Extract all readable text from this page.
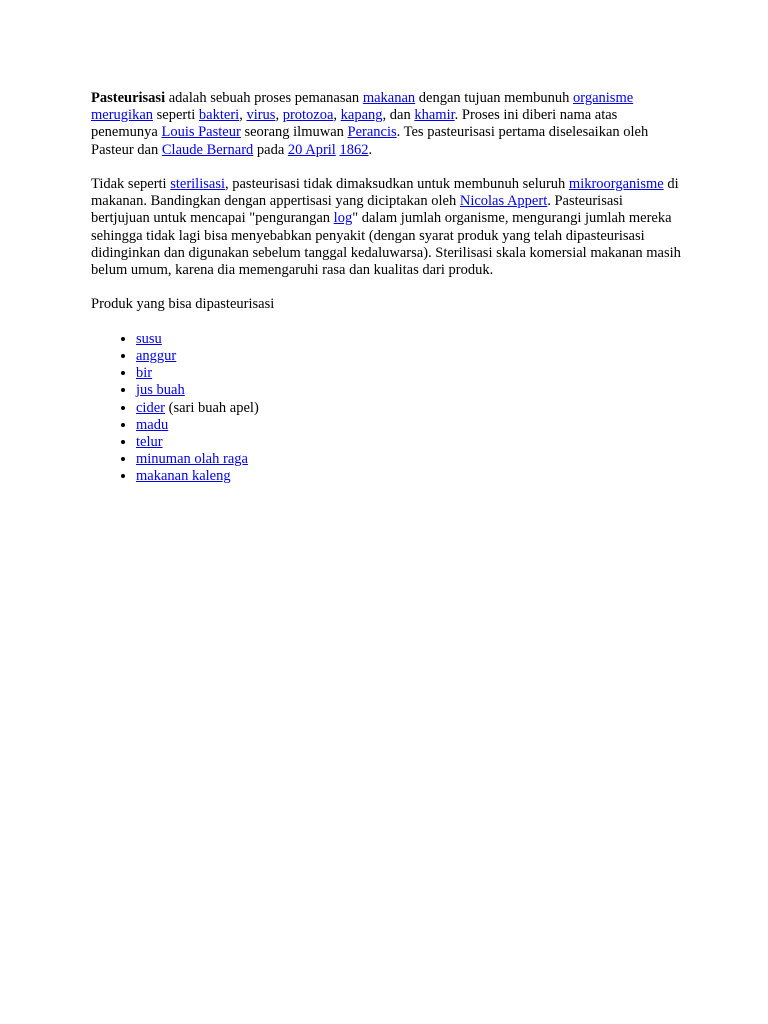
Pasteurisasi adalah sebuah proses pemanasan makanan dengan tujuan membunuh organisme merugikan seperti bakteri, virus, protozoa, kapang, dan khamir. Proses ini diberi nama atas penemunya Louis Pasteur seorang ilmuwan Perancis. Tes pasteurisasi pertama diselesaikan oleh Pasteur dan Claude Bernard pada 20 April 1862.

Tidak seperti sterilisasi, pasteurisasi tidak dimaksudkan untuk membunuh seluruh mikroorganisme di makanan. Bandingkan dengan appertisasi yang diciptakan oleh Nicolas Appert. Pasteurisasi bertjujuan untuk mencapai "pengurangan log" dalam jumlah organisme, mengurangi jumlah mereka sehingga tidak lagi bisa menyebabkan penyakit (dengan syarat produk yang telah dipasteurisasi didinginkan dan digunakan sebelum tanggal kedaluwarsa). Sterilisasi skala komersial makanan masih belum umum, karena dia memengaruhi rasa dan kualitas dari produk.

Produk yang bisa dipasteurisasi

• susu
• anggur
• bir
• jus buah
• cider (sari buah apel)
• madu
• telur
• minuman olah raga
• makanan kaleng
